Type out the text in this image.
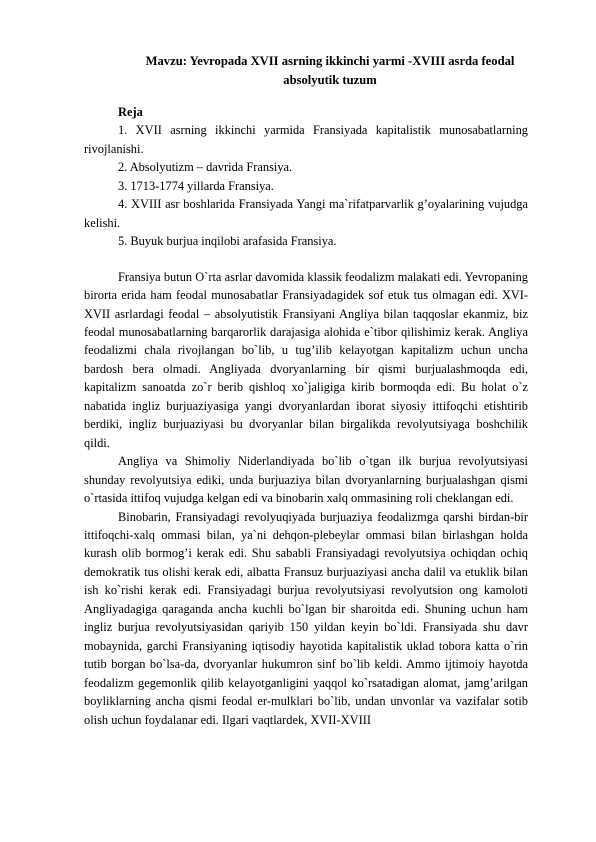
Mavzu: Yevropada XVII asrning ikkinchi yarmi -XVIII asrda feodal absolyutik tuzum
Reja

1. XVII asrning ikkinchi yarmida Fransiyada kapitalistik munosabatlarning rivojlanishi.

2. Absolyutizm – davrida Fransiya.

3. 1713-1774 yillarda Fransiya.

4. XVIII asr boshlarida Fransiyada Yangi ma`rifatparvarlik g’oyalarining vujudga kelishi.

5. Buyuk burjua inqilobi arafasida Fransiya.

Fransiya butun O`rta asrlar davomida klassik feodalizm malakati edi. Yevropaning birorta erida ham feodal munosabatlar Fransiyadagidek sof etuk tus olmagan edi. XVI-XVII asrlardagi feodal – absolyutistik Fransiyani Angliya bilan taqqoslar ekanmiz, biz feodal munosabatlarning barqarorlik darajasiga alohida e`tibor qilishimiz kerak. Angliya feodalizmi chala rivojlangan bo`lib, u tug’ilib kelayotgan kapitalizm uchun uncha bardosh bera olmadi. Angliyada dvoryanlarning bir qismi burjualashmoqda edi, kapitalizm sanoatda zo`r berib qishloq xo`jaligiga kirib bormoqda edi. Bu holat o`z nabatida ingliz burjuaziyasiga yangi dvoryanlardan iborat siyosiy ittifoqchi etishtirib berdiki, ingliz burjuaziyasi bu dvoryanlar bilan birgalikda revolyutsiyaga boshchilik qildi.

Angliya va Shimoliy Niderlandiyada bo`lib o`tgan ilk burjua revolyutsiyasi shunday revolyutsiya ediki, unda burjuaziya bilan dvoryanlarning burjualashgan qismi o`rtasida ittifoq vujudga kelgan edi va binobarin xalq ommasining roli cheklangan edi.

Binobarin, Fransiyadagi revolyuqiyada burjuaziya feodalizmga qarshi birdan-bir ittifoqchi-xalq ommasi bilan, ya`ni dehqon-plebeylar ommasi bilan birlashgan holda kurash olib bormog’i kerak edi. Shu sababli Fransiyadagi revolyutsiya ochiqdan ochiq demokratik tus olishi kerak edi, albatta Fransuz burjuaziyasi ancha dalil va etuklik bilan ish ko`rishi kerak edi. Fransiyadagi burjua revolyutsiyasi revolyutsion ong kamoloti Angliyadagiga qaraganda ancha kuchli bo`lgan bir sharoitda edi. Shuning uchun ham ingliz burjua revolyutsiyasidan qariyib 150 yildan keyin bo`ldi. Fransiyada shu davr mobaynida, garchi Fransiyaning iqtisodiy hayotida kapitalistik uklad tobora katta o`rin tutib borgan bo`lsa-da, dvoryanlar hukumron sinf bo`lib keldi. Ammo ijtimoiy hayotda feodalizm gegemonlik qilib kelayotganligini yaqqol ko`rsatadigan alomat, jamg’arilgan boyliklarning ancha qismi feodal er-mulklari bo`lib, undan unvonlar va vazifalar sotib olish uchun foydalanar edi. Ilgari vaqtlardek, XVII-XVIII
